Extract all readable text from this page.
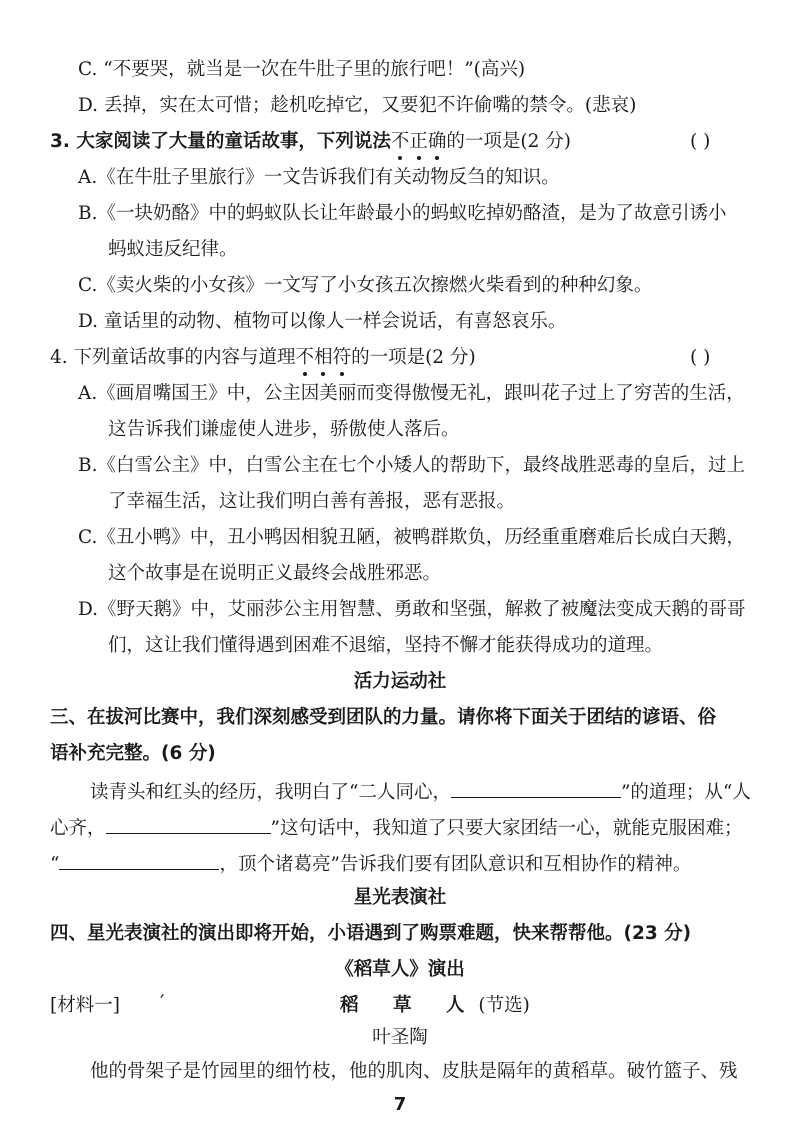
C. “不要哭，就当是一次在牛肚子里的旅行吧！”(高兴)
D. 丢掉，实在太可惜；趁机吃掉它，又要犯不许偷嘴的禁令。(悲哀)
3. 大家阅读了大量的童话故事，下列说法不正确的一项是(2 分)	( )
A.《在牛肚子里旅行》一文告诉我们有关动物反刍的知识。
B.《一块奶酪》中的蚂蚁队长让年龄最小的蚂蚁吃掉奶酪渣，是为了故意引诱小
蚂蚁违反纪律。
C.《卖火柴的小女孩》一文写了小女孩五次擦燃火柴看到的种种幻象。
D. 童话里的动物、植物可以像人一样会说话，有喜怒哀乐。
4. 下列童话故事的内容与道理不相符的一项是(2 分)	( )
A.《画眉嘴国王》中，公主因美丽而变得傲慢无礼，跟叫花子过上了穷苦的生活，
这告诉我们谦虚使人进步，骄傲使人落后。
B.《白雪公主》中，白雪公主在七个小矮人的帮助下，最终战胜恶毒的皇后，过上
了幸福生活，这让我们明白善有善报，恶有恶报。
C.《丑小鸭》中，丑小鸭因相貌丑陋，被鸭群欺负，历经重重磨难后长成白天鹅，
这个故事是在说明正义最终会战胜邪恶。
D.《野天鹅》中，艾丽莎公主用智慧、勇敢和坚强，解救了被魔法变成天鹅的哥哥
们，这让我们懂得遇到困难不退缩，坚持不懈才能获得成功的道理。
活力运动社
三、在拔河比赛中，我们深刻感受到团队的力量。请你将下面关于团结的谚语、俗
语补充完整。(6 分)
读青头和红头的经历，我明白了“二人同心，	”的道理；从“人
心齐，	”这句话中，我知道了只要大家团结一心，就能克服困难；
“	，顶个诸葛亮”告诉我们要有团队意识和互相协作的精神。
星光表演社
四、星光表演社的演出即将开始，小语遇到了购票难题，快来帮帮他。(23 分)
《稻草人》演出
[材料一] ′	稻 草 人(节选)
叶圣陶
他的骨架子是竹园里的细竹枝，他的肌肉、皮肤是隔年的黄稻草。破竹篮子、残
7
